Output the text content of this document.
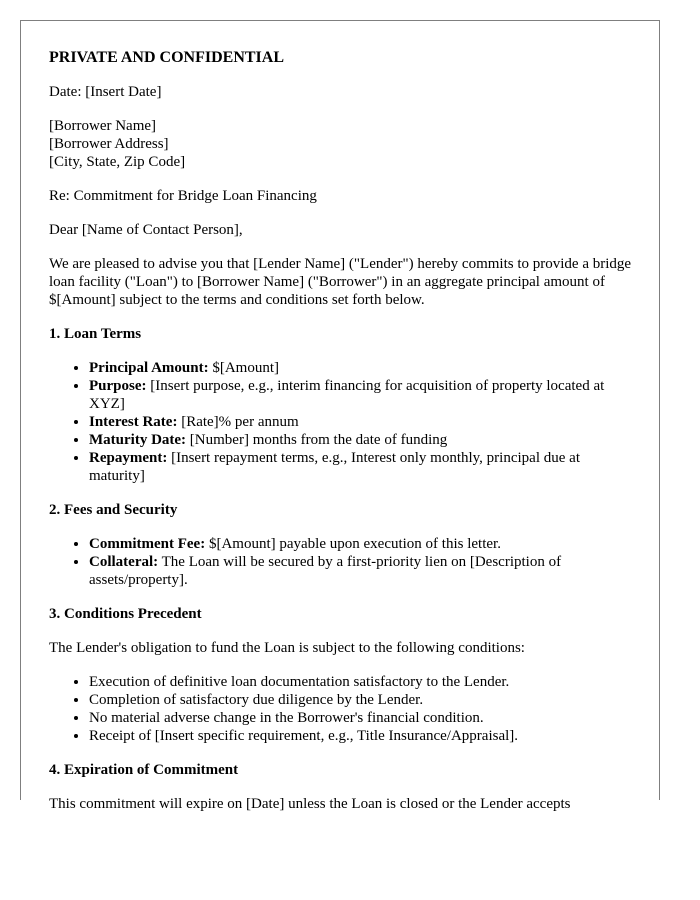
PRIVATE AND CONFIDENTIAL

Date: [Insert Date]

[Borrower Name]
[Borrower Address]
[City, State, Zip Code]

Re: Commitment for Bridge Loan Financing

Dear [Name of Contact Person],

We are pleased to advise you that [Lender Name] ("Lender") hereby commits to provide a bridge loan facility ("Loan") to [Borrower Name] ("Borrower") in an aggregate principal amount of $[Amount] subject to the terms and conditions set forth below.

1. Loan Terms
• Principal Amount: $[Amount]
• Purpose: [Insert purpose, e.g., interim financing for acquisition of property located at XYZ]
• Interest Rate: [Rate]% per annum
• Maturity Date: [Number] months from the date of funding
• Repayment: [Insert repayment terms, e.g., Interest only monthly, principal due at maturity]
2. Fees and Security
• Commitment Fee: $[Amount] payable upon execution of this letter.
• Collateral: The Loan will be secured by a first-priority lien on [Description of assets/property].
3. Conditions Precedent

The Lender's obligation to fund the Loan is subject to the following conditions:

• Execution of definitive loan documentation satisfactory to the Lender.
• Completion of satisfactory due diligence by the Lender.
• No material adverse change in the Borrower's financial condition.
• Receipt of [Insert specific requirement, e.g., Title Insurance/Appraisal].
4. Expiration of Commitment

This commitment will expire on [Date] unless the Loan is closed or the Lender accepts
